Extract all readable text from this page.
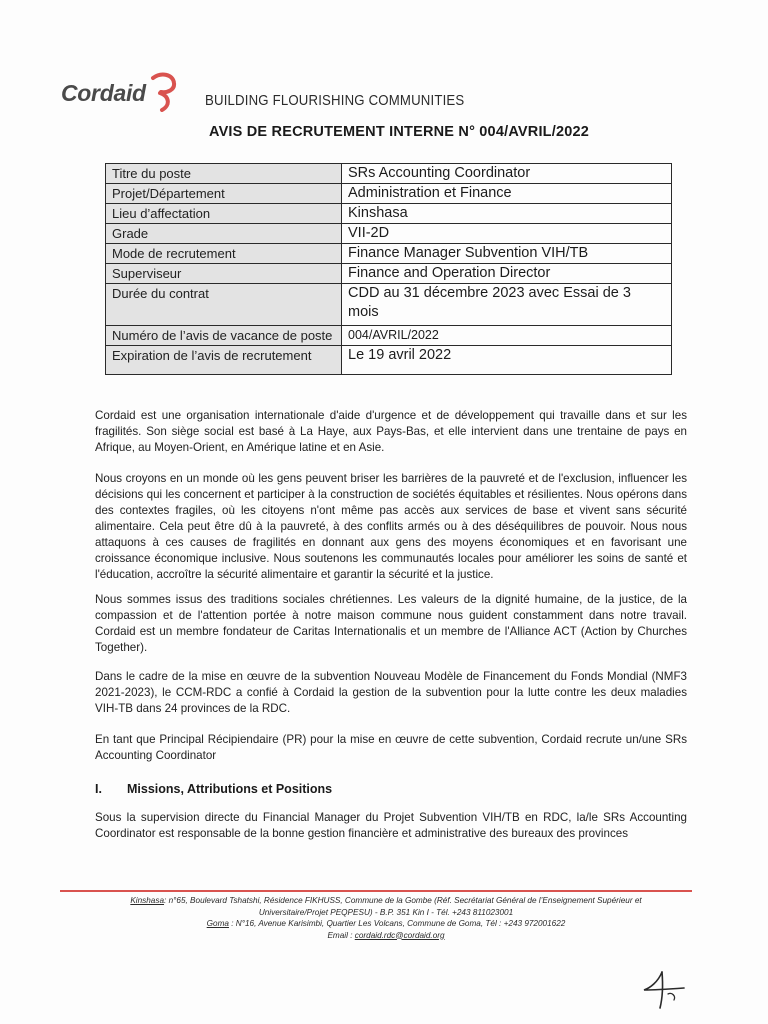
Cordaid	BUILDING FLOURISHING COMMUNITIES
AVIS DE RECRUTEMENT INTERNE N° 004/AVRIL/2022
Titre du poste	SRs Accounting Coordinator
Projet/Département	Administration et Finance
Lieu d’affectation	Kinshasa
Grade	VII-2D
Mode de recrutement	Finance Manager Subvention VIH/TB
Superviseur	Finance and Operation Director
Durée du contrat	CDD au 31 décembre 2023 avec Essai de 3 mois
Numéro de l’avis de vacance de poste	004/AVRIL/2022
Expiration de l’avis de recrutement	Le 19 avril 2022

Cordaid est une organisation internationale d'aide d'urgence et de développement qui travaille dans et sur les fragilités. Son siège social est basé à La Haye, aux Pays-Bas, et elle intervient dans une trentaine de pays en Afrique, au Moyen-Orient, en Amérique latine et en Asie.

Nous croyons en un monde où les gens peuvent briser les barrières de la pauvreté et de l'exclusion, influencer les décisions qui les concernent et participer à la construction de sociétés équitables et résilientes. Nous opérons dans des contextes fragiles, où les citoyens n'ont même pas accès aux services de base et vivent sans sécurité alimentaire. Cela peut être dû à la pauvreté, à des conflits armés ou à des déséquilibres de pouvoir. Nous nous attaquons à ces causes de fragilités en donnant aux gens des moyens économiques et en favorisant une croissance économique inclusive. Nous soutenons les communautés locales pour améliorer les soins de santé et l'éducation, accroître la sécurité alimentaire et garantir la sécurité et la justice.

Nous sommes issus des traditions sociales chrétiennes. Les valeurs de la dignité humaine, de la justice, de la compassion et de l'attention portée à notre maison commune nous guident constamment dans notre travail. Cordaid est un membre fondateur de Caritas Internationalis et un membre de l'Alliance ACT (Action by Churches Together).

Dans le cadre de la mise en œuvre de la subvention Nouveau Modèle de Financement du Fonds Mondial (NMF3 2021-2023), le CCM-RDC a confié à Cordaid la gestion de la subvention pour la lutte contre les deux maladies VIH-TB dans 24 provinces de la RDC.

En tant que Principal Récipiendaire (PR) pour la mise en œuvre de cette subvention, Cordaid recrute un/une SRs Accounting Coordinator

I. Missions, Attributions et Positions

Sous la supervision directe du Financial Manager du Projet Subvention VIH/TB en RDC, la/le SRs Accounting Coordinator est responsable de la bonne gestion financière et administrative des bureaux des provinces

Kinshasa: n°65, Boulevard Tshatshi, Résidence FIKHUSS, Commune de la Gombe (Réf. Secrétariat Général de l’Enseignement Supérieur et Universitaire/Projet PEQPESU) - B.P. 351 Kin I - Tél. +243 811023001
Goma : N°16, Avenue Karisimbi, Quartier Les Volcans, Commune de Goma, Tél : +243 972001622
Email : cordaid.rdc@cordaid.org
